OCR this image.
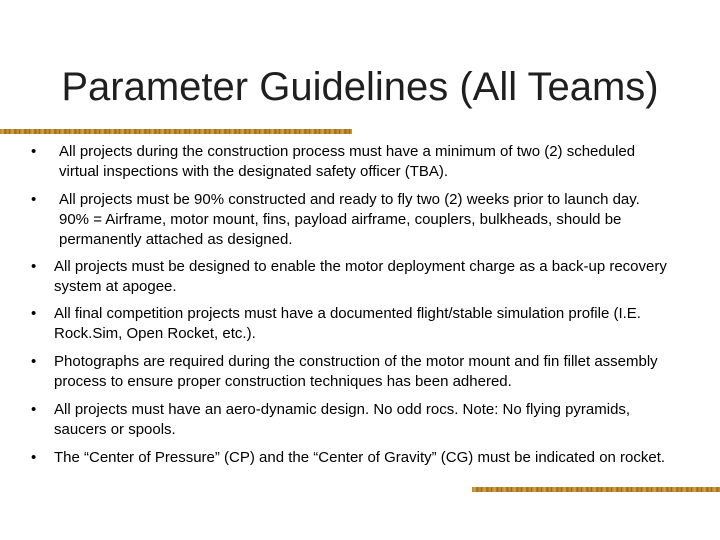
Parameter Guidelines (All Teams)
• All projects during the construction process must have a minimum of two (2) scheduled virtual inspections with the designated safety officer (TBA).
• All projects must be 90% constructed and ready to fly two (2) weeks prior to launch day. 90% = Airframe, motor mount, fins, payload airframe, couplers, bulkheads, should be permanently attached as designed.
• All projects must be designed to enable the motor deployment charge as a back-up recovery system at apogee.
• All final competition projects must have a documented flight/stable simulation profile (I.E. Rock.Sim, Open Rocket, etc.).
• Photographs are required during the construction of the motor mount and fin fillet assembly process to ensure proper construction techniques has been adhered.
• All projects must have an aero-dynamic design. No odd rocs. Note: No flying pyramids, saucers or spools.
• The “Center of Pressure” (CP) and the “Center of Gravity” (CG) must be indicated on rocket.
